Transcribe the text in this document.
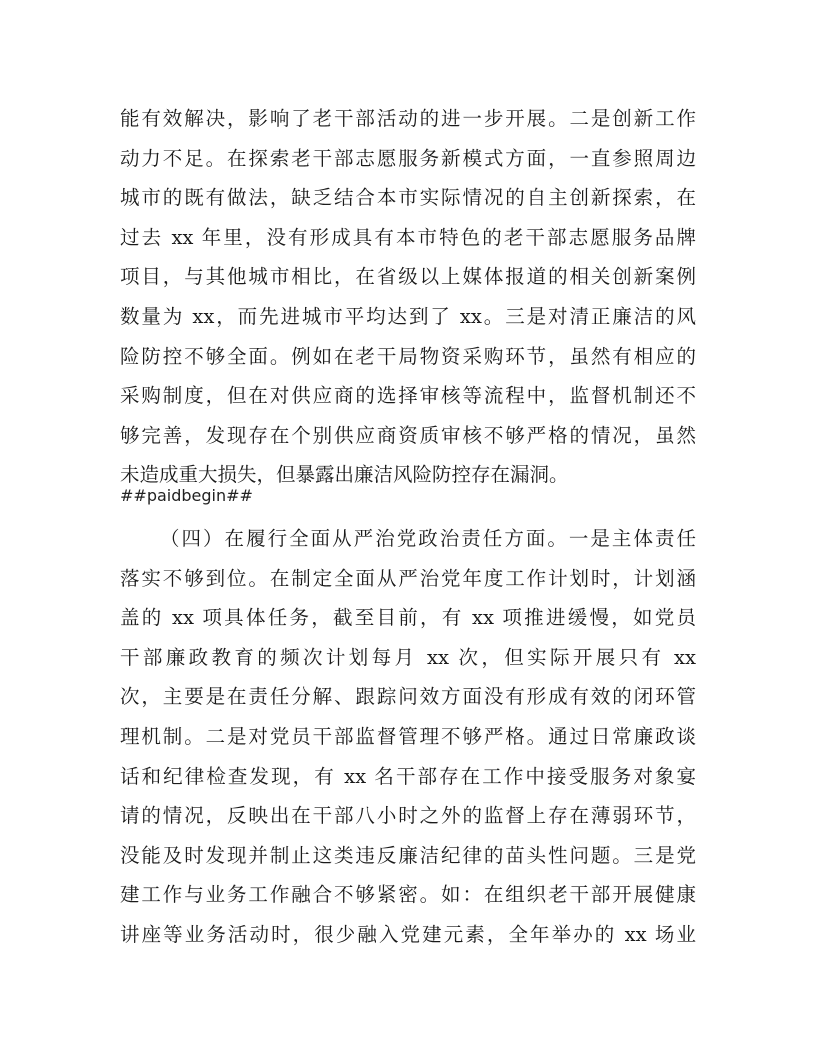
能有效解决，影响了老干部活动的进一步开展。二是创新工作
动力不足。在探索老干部志愿服务新模式方面，一直参照周边
城市的既有做法，缺乏结合本市实际情况的自主创新探索，在
过去 xx 年里，没有形成具有本市特色的老干部志愿服务品牌
项目，与其他城市相比，在省级以上媒体报道的相关创新案例
数量为 xx，而先进城市平均达到了 xx。三是对清正廉洁的风
险防控不够全面。例如在老干局物资采购环节，虽然有相应的
采购制度，但在对供应商的选择审核等流程中，监督机制还不
够完善，发现存在个别供应商资质审核不够严格的情况，虽然
未造成重大损失，但暴露出廉洁风险防控存在漏洞。
##paidbegin##
（四）在履行全面从严治党政治责任方面。一是主体责任
落实不够到位。在制定全面从严治党年度工作计划时，计划涵
盖的 xx 项具体任务，截至目前，有 xx 项推进缓慢，如党员
干部廉政教育的频次计划每月 xx 次，但实际开展只有 xx
次，主要是在责任分解、跟踪问效方面没有形成有效的闭环管
理机制。二是对党员干部监督管理不够严格。通过日常廉政谈
话和纪律检查发现，有 xx 名干部存在工作中接受服务对象宴
请的情况，反映出在干部八小时之外的监督上存在薄弱环节，
没能及时发现并制止这类违反廉洁纪律的苗头性问题。三是党
建工作与业务工作融合不够紧密。如：在组织老干部开展健康
讲座等业务活动时，很少融入党建元素，全年举办的 xx 场业
